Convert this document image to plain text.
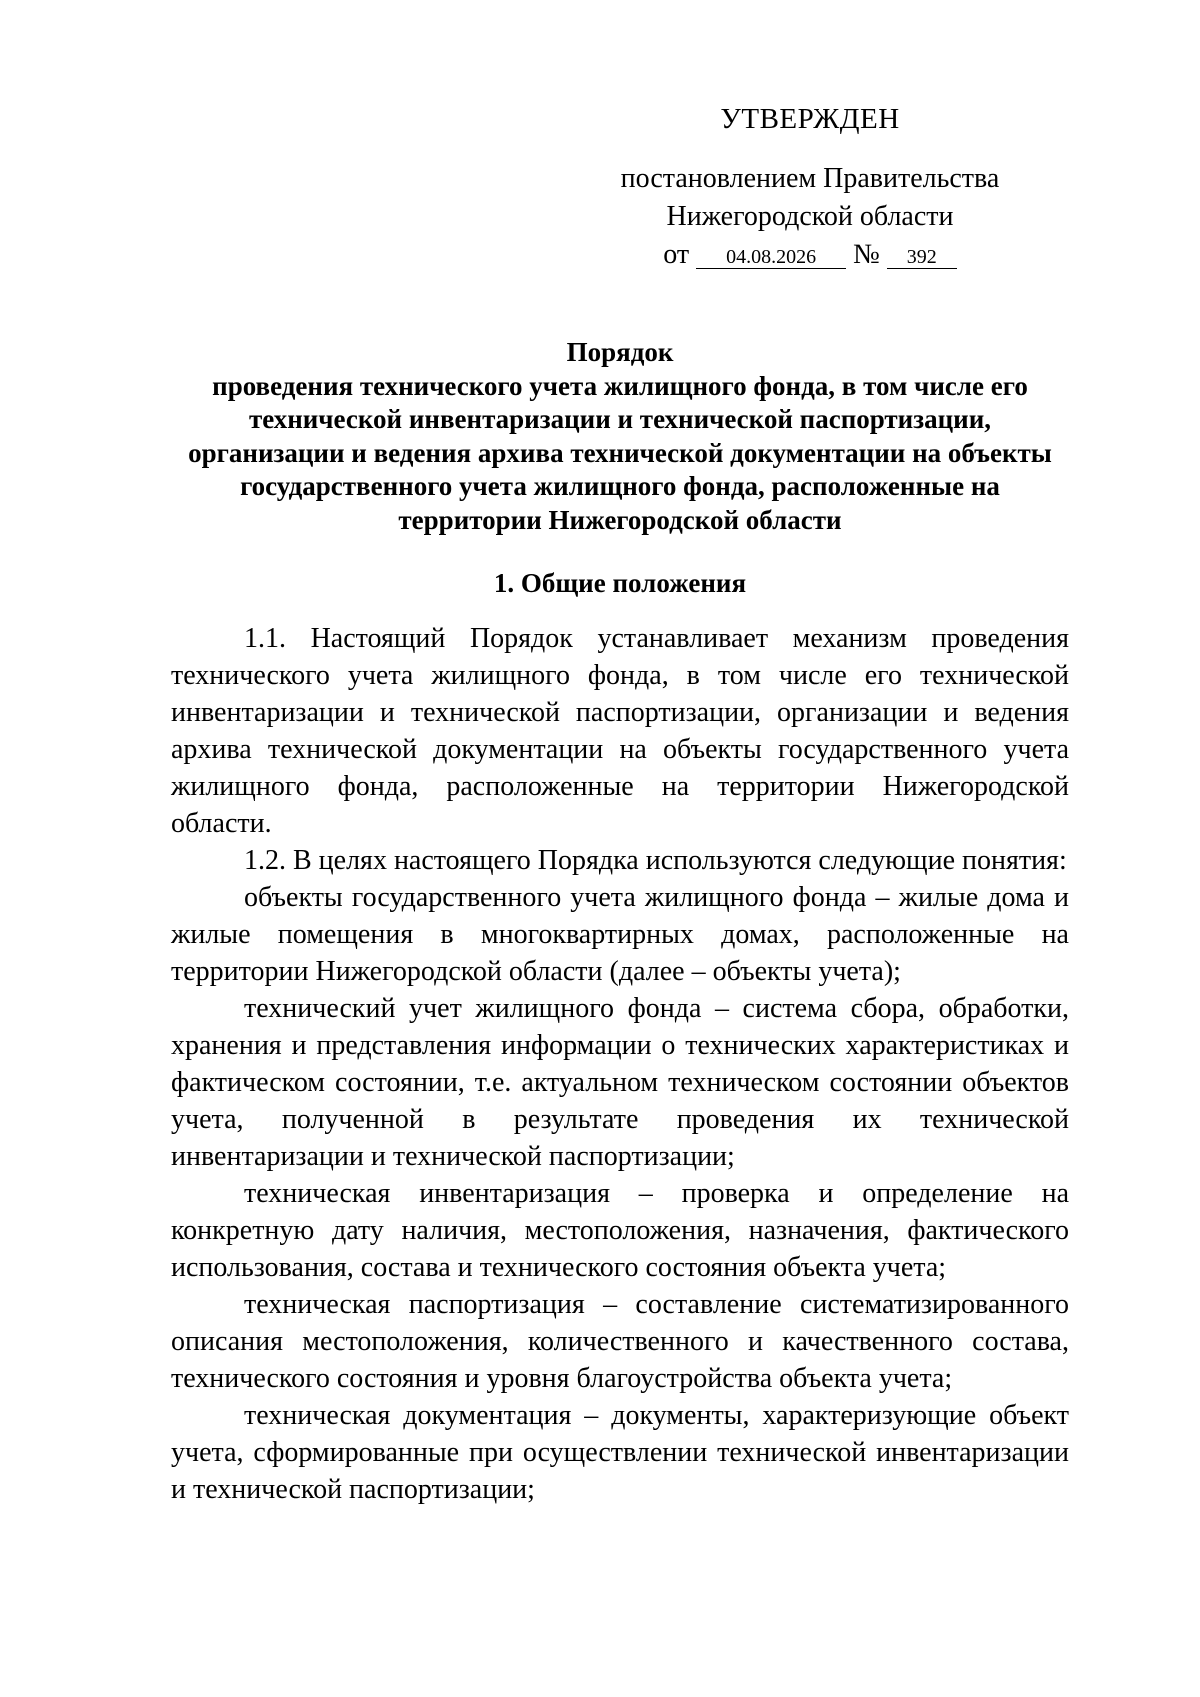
УТВЕРЖДЕН
постановлением Правительства
Нижегородской области
от 04.08.2026 № 392
Порядок
проведения технического учета жилищного фонда, в том числе его
технической инвентаризации и технической паспортизации,
организации и ведения архива технической документации на объекты
государственного учета жилищного фонда, расположенные на
территории Нижегородской области
1. Общие положения

1.1. Настоящий Порядок устанавливает механизм проведения технического учета жилищного фонда, в том числе его технической инвентаризации и технической паспортизации, организации и ведения архива технической документации на объекты государственного учета жилищного фонда, расположенные на территории Нижегородской области.

1.2. В целях настоящего Порядка используются следующие понятия:

объекты государственного учета жилищного фонда – жилые дома и жилые помещения в многоквартирных домах, расположенные на территории Нижегородской области (далее – объекты учета);

технический учет жилищного фонда – система сбора, обработки, хранения и представления информации о технических характеристиках и фактическом состоянии, т.е. актуальном техническом состоянии объектов учета, полученной в результате проведения их технической инвентаризации и технической паспортизации;

техническая инвентаризация – проверка и определение на конкретную дату наличия, местоположения, назначения, фактического использования, состава и технического состояния объекта учета;

техническая паспортизация – составление систематизированного описания местоположения, количественного и качественного состава, технического состояния и уровня благоустройства объекта учета;

техническая документация – документы, характеризующие объект учета, сформированные при осуществлении технической инвентаризации и технической паспортизации;
